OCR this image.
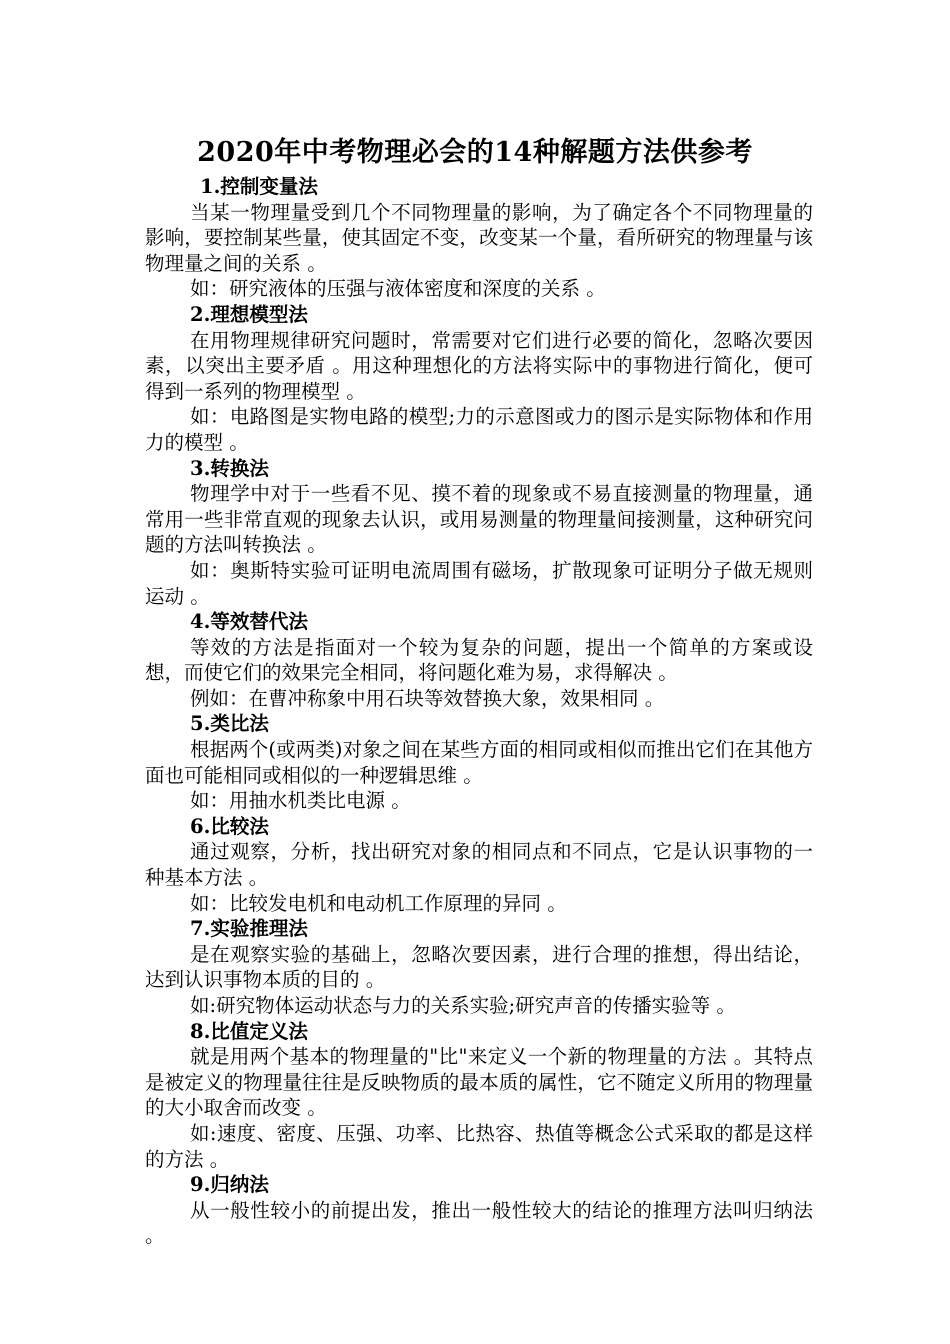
2020年中考物理必会的14种解题方法供参考

1.控制变量法

当某一物理量受到几个不同物理量的影响，为了确定各个不同物理量的影响，要控制某些量，使其固定不变，改变某一个量，看所研究的物理量与该物理量之间的关系 。

如：研究液体的压强与液体密度和深度的关系 。

2.理想模型法

在用物理规律研究问题时，常需要对它们进行必要的简化，忽略次要因素，以突出主要矛盾 。用这种理想化的方法将实际中的事物进行简化，便可得到一系列的物理模型 。

如：电路图是实物电路的模型;力的示意图或力的图示是实际物体和作用力的模型 。

3.转换法

物理学中对于一些看不见、摸不着的现象或不易直接测量的物理量，通常用一些非常直观的现象去认识，或用易测量的物理量间接测量，这种研究问题的方法叫转换法 。

如：奥斯特实验可证明电流周围有磁场，扩散现象可证明分子做无规则运动 。

4.等效替代法

等效的方法是指面对一个较为复杂的问题，提出一个简单的方案或设想，而使它们的效果完全相同，将问题化难为易，求得解决 。

例如：在曹冲称象中用石块等效替换大象，效果相同 。

5.类比法

根据两个(或两类)对象之间在某些方面的相同或相似而推出它们在其他方面也可能相同或相似的一种逻辑思维 。

如：用抽水机类比电源 。

6.比较法

通过观察，分析，找出研究对象的相同点和不同点，它是认识事物的一种基本方法 。

如：比较发电机和电动机工作原理的异同 。

7.实验推理法

是在观察实验的基础上，忽略次要因素，进行合理的推想，得出结论，达到认识事物本质的目的 。

如:研究物体运动状态与力的关系实验;研究声音的传播实验等 。

8.比值定义法

就是用两个基本的物理量的"比"来定义一个新的物理量的方法 。其特点是被定义的物理量往往是反映物质的最本质的属性，它不随定义所用的物理量的大小取舍而改变 。

如:速度、密度、压强、功率、比热容、热值等概念公式采取的都是这样的方法 。

9.归纳法

从一般性较小的前提出发，推出一般性较大的结论的推理方法叫归纳法 。
